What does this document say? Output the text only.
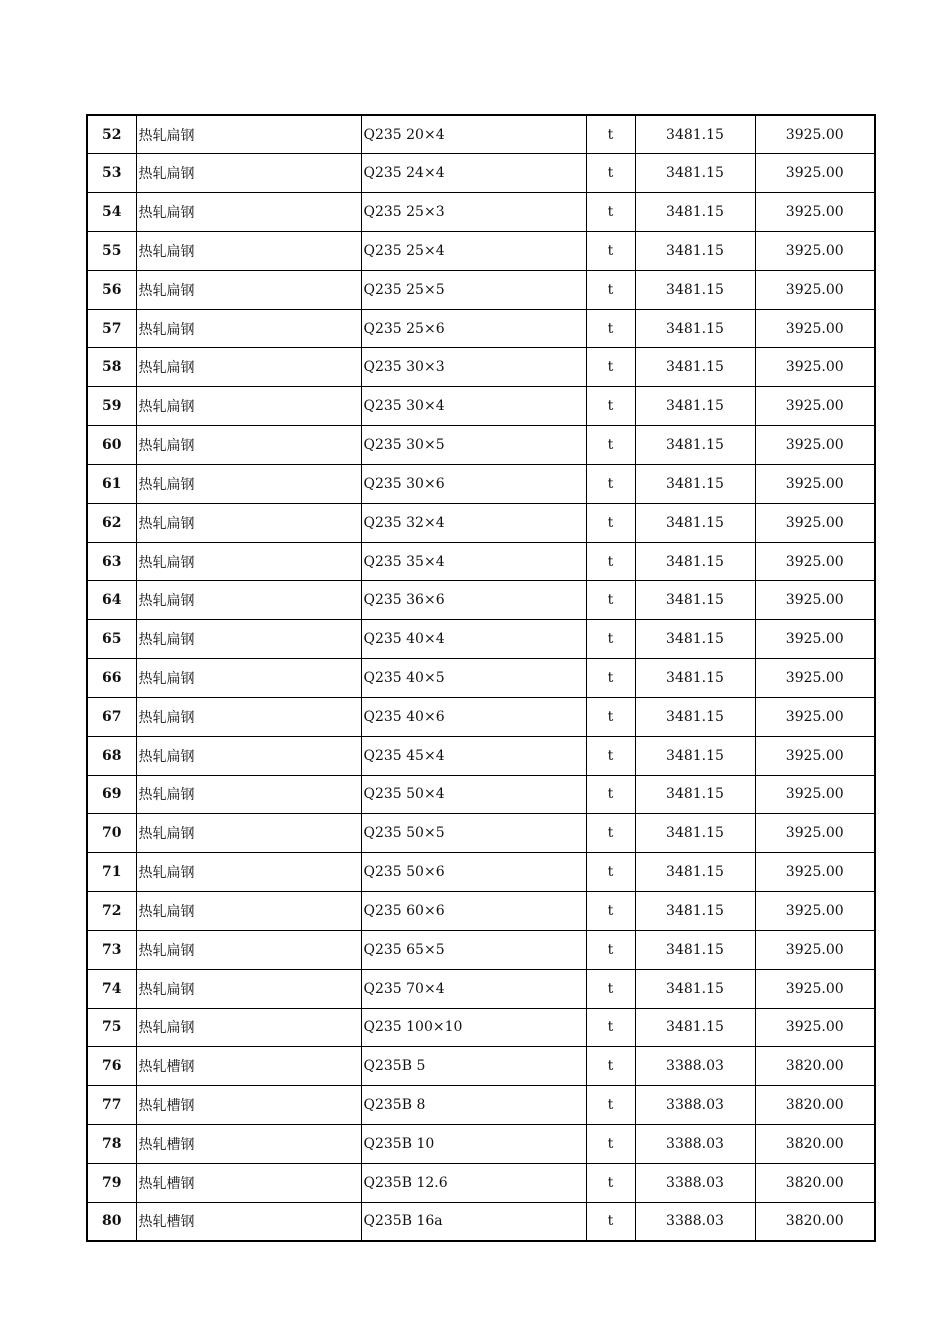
52	热轧扁钢	Q235 20×4	t	3481.15	3925.00
53	热轧扁钢	Q235 24×4	t	3481.15	3925.00
54	热轧扁钢	Q235 25×3	t	3481.15	3925.00
55	热轧扁钢	Q235 25×4	t	3481.15	3925.00
56	热轧扁钢	Q235 25×5	t	3481.15	3925.00
57	热轧扁钢	Q235 25×6	t	3481.15	3925.00
58	热轧扁钢	Q235 30×3	t	3481.15	3925.00
59	热轧扁钢	Q235 30×4	t	3481.15	3925.00
60	热轧扁钢	Q235 30×5	t	3481.15	3925.00
61	热轧扁钢	Q235 30×6	t	3481.15	3925.00
62	热轧扁钢	Q235 32×4	t	3481.15	3925.00
63	热轧扁钢	Q235 35×4	t	3481.15	3925.00
64	热轧扁钢	Q235 36×6	t	3481.15	3925.00
65	热轧扁钢	Q235 40×4	t	3481.15	3925.00
66	热轧扁钢	Q235 40×5	t	3481.15	3925.00
67	热轧扁钢	Q235 40×6	t	3481.15	3925.00
68	热轧扁钢	Q235 45×4	t	3481.15	3925.00
69	热轧扁钢	Q235 50×4	t	3481.15	3925.00
70	热轧扁钢	Q235 50×5	t	3481.15	3925.00
71	热轧扁钢	Q235 50×6	t	3481.15	3925.00
72	热轧扁钢	Q235 60×6	t	3481.15	3925.00
73	热轧扁钢	Q235 65×5	t	3481.15	3925.00
74	热轧扁钢	Q235 70×4	t	3481.15	3925.00
75	热轧扁钢	Q235 100×10	t	3481.15	3925.00
76	热轧槽钢	Q235B 5	t	3388.03	3820.00
77	热轧槽钢	Q235B 8	t	3388.03	3820.00
78	热轧槽钢	Q235B 10	t	3388.03	3820.00
79	热轧槽钢	Q235B 12.6	t	3388.03	3820.00
80	热轧槽钢	Q235B 16a	t	3388.03	3820.00
